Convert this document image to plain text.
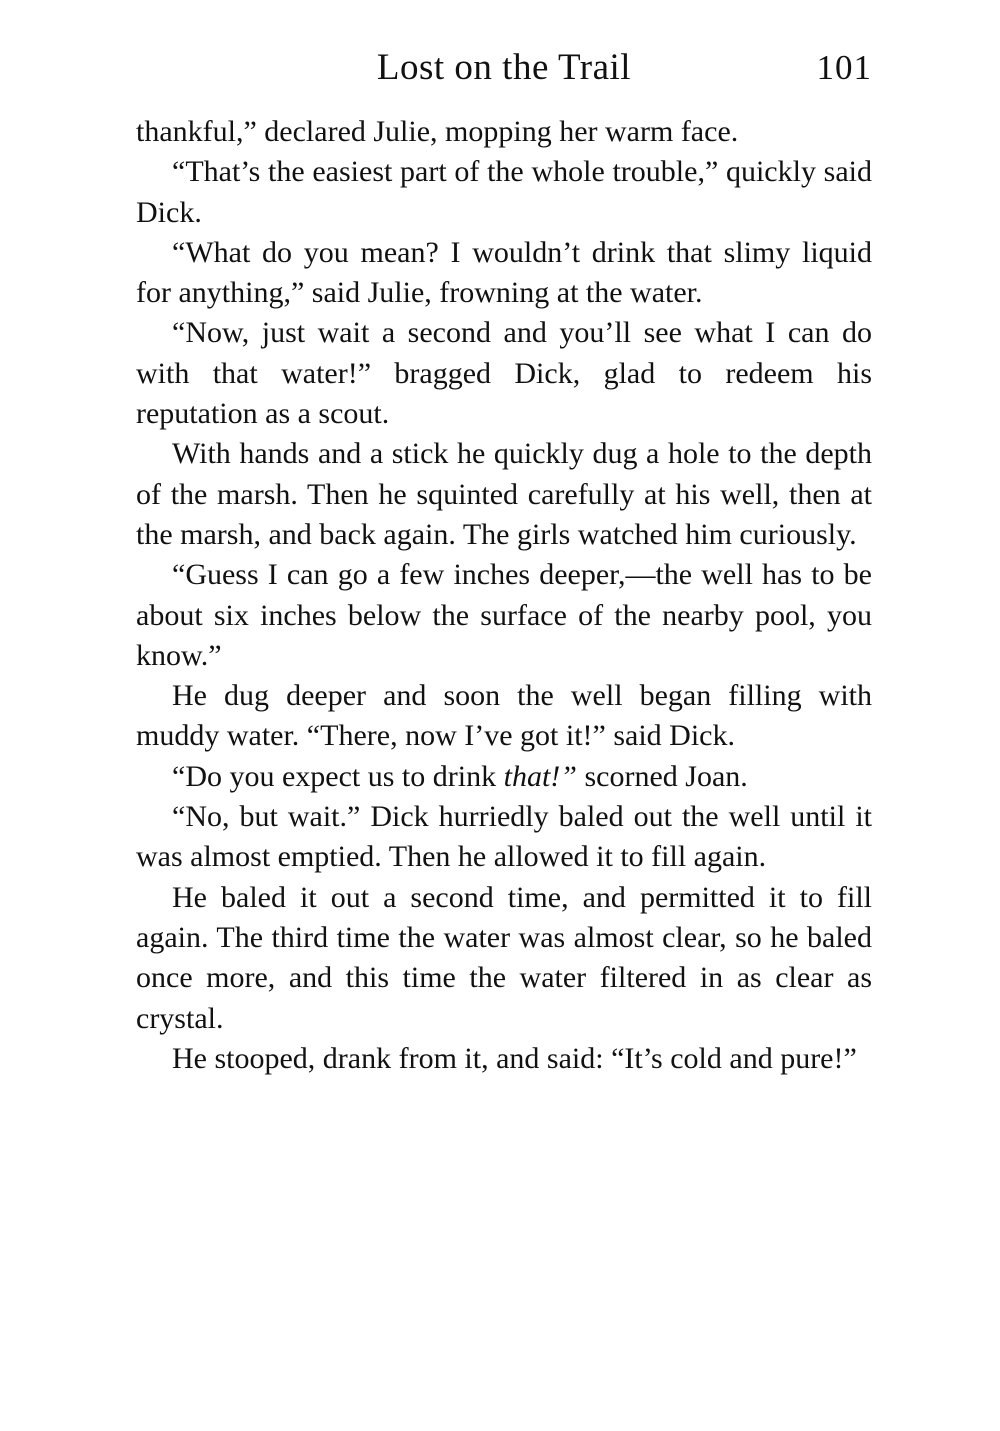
Lost on the Trail	101

thankful,” declared Julie, mopping her warm face.

“That’s the easiest part of the whole trouble,” quickly said Dick.

“What do you mean? I wouldn’t drink that slimy liquid for anything,” said Julie, frowning at the water.

“Now, just wait a second and you’ll see what I can do with that water!” bragged Dick, glad to redeem his reputation as a scout.

With hands and a stick he quickly dug a hole to the depth of the marsh. Then he squinted carefully at his well, then at the marsh, and back again. The girls watched him curiously.

“Guess I can go a few inches deeper,—the well has to be about six inches below the surface of the nearby pool, you know.”

He dug deeper and soon the well began filling with muddy water. “There, now I’ve got it!” said Dick.

“Do you expect us to drink that!” scorned Joan.

“No, but wait.” Dick hurriedly baled out the well until it was almost emptied. Then he allowed it to fill again.

He baled it out a second time, and permitted it to fill again. The third time the water was almost clear, so he baled once more, and this time the water filtered in as clear as crystal.

He stooped, drank from it, and said: “It’s cold and pure!”
